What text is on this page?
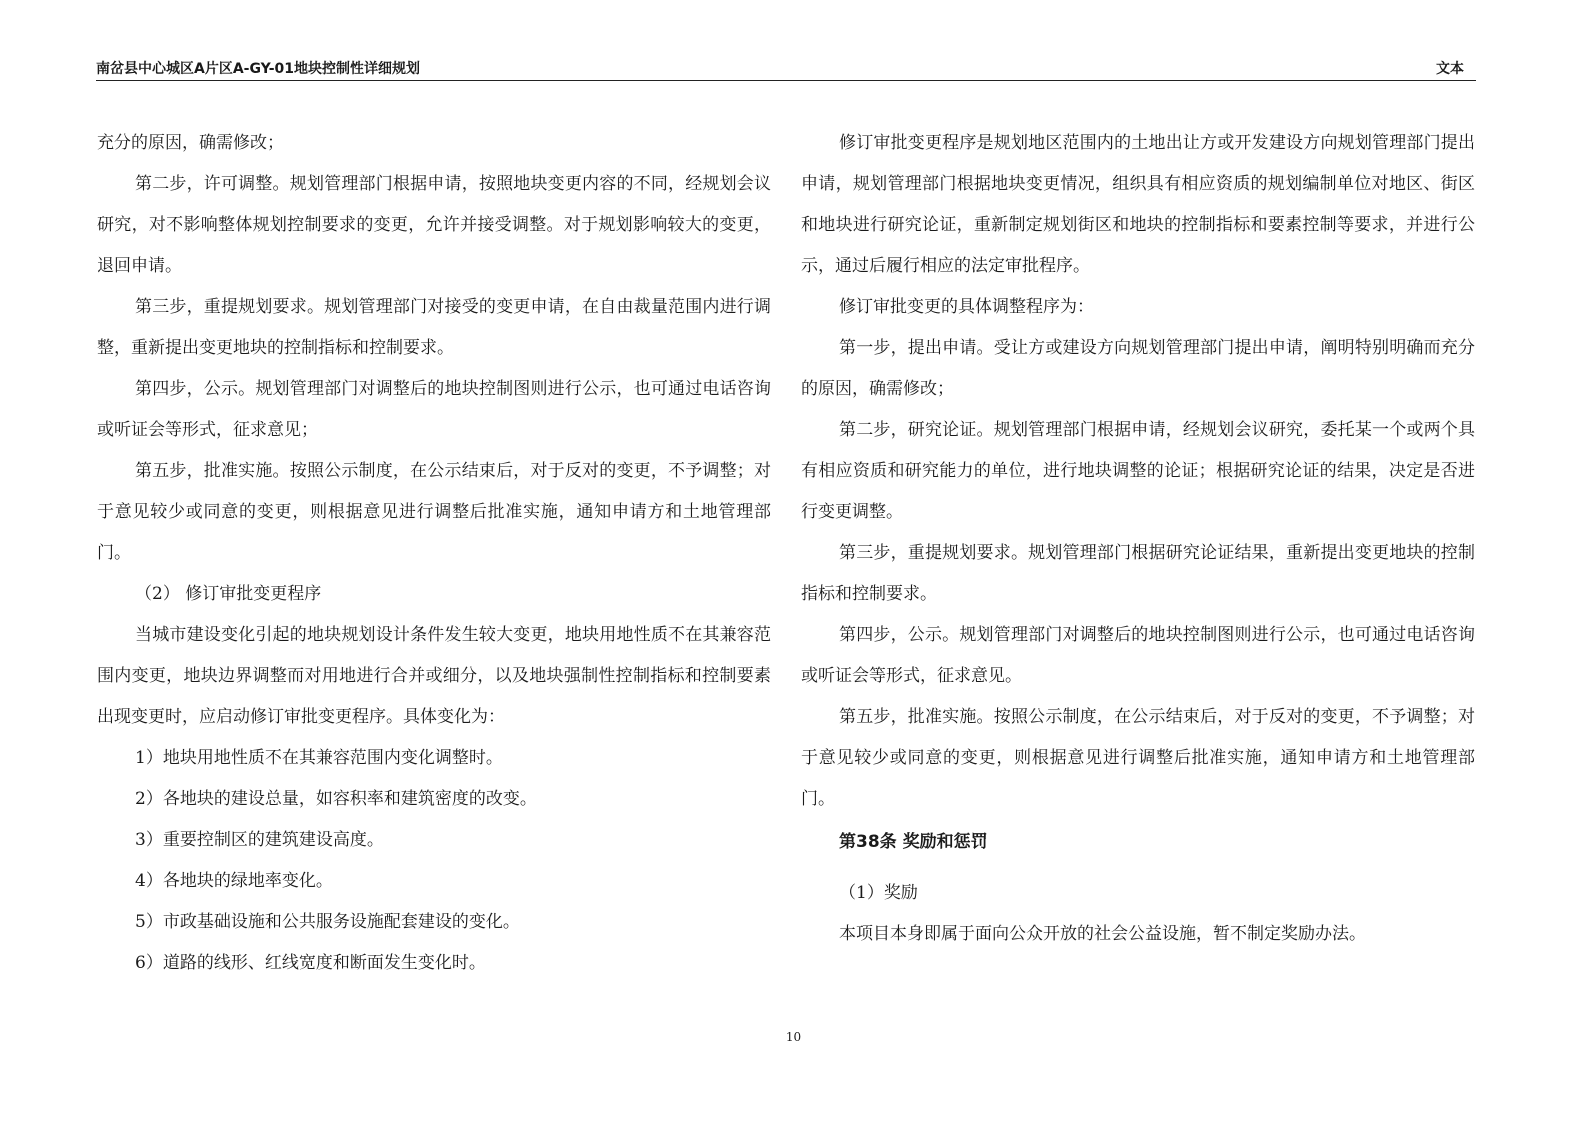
南岔县中心城区A片区A-GY-01地块控制性详细规划	文本

充分的原因，确需修改；

第二步，许可调整。规划管理部门根据申请，按照地块变更内容的不同，经规划会议研究，对不影响整体规划控制要求的变更，允许并接受调整。对于规划影响较大的变更，退回申请。

第三步，重提规划要求。规划管理部门对接受的变更申请，在自由裁量范围内进行调整，重新提出变更地块的控制指标和控制要求。

第四步，公示。规划管理部门对调整后的地块控制图则进行公示，也可通过电话咨询或听证会等形式，征求意见；

第五步，批准实施。按照公示制度，在公示结束后，对于反对的变更，不予调整；对于意见较少或同意的变更，则根据意见进行调整后批准实施，通知申请方和土地管理部门。

（2） 修订审批变更程序

当城市建设变化引起的地块规划设计条件发生较大变更，地块用地性质不在其兼容范围内变更，地块边界调整而对用地进行合并或细分，以及地块强制性控制指标和控制要素出现变更时，应启动修订审批变更程序。具体变化为：

1）地块用地性质不在其兼容范围内变化调整时。

2）各地块的建设总量，如容积率和建筑密度的改变。

3）重要控制区的建筑建设高度。

4）各地块的绿地率变化。

5）市政基础设施和公共服务设施配套建设的变化。

6）道路的线形、红线宽度和断面发生变化时。

修订审批变更程序是规划地区范围内的土地出让方或开发建设方向规划管理部门提出申请，规划管理部门根据地块变更情况，组织具有相应资质的规划编制单位对地区、街区和地块进行研究论证，重新制定规划街区和地块的控制指标和要素控制等要求，并进行公示，通过后履行相应的法定审批程序。

修订审批变更的具体调整程序为：

第一步，提出申请。受让方或建设方向规划管理部门提出申请，阐明特别明确而充分的原因，确需修改；

第二步，研究论证。规划管理部门根据申请，经规划会议研究，委托某一个或两个具有相应资质和研究能力的单位，进行地块调整的论证；根据研究论证的结果，决定是否进行变更调整。

第三步，重提规划要求。规划管理部门根据研究论证结果，重新提出变更地块的控制指标和控制要求。

第四步，公示。规划管理部门对调整后的地块控制图则进行公示，也可通过电话咨询或听证会等形式，征求意见。

第五步，批准实施。按照公示制度，在公示结束后，对于反对的变更，不予调整；对于意见较少或同意的变更，则根据意见进行调整后批准实施，通知申请方和土地管理部门。

第38条 奖励和惩罚

（1）奖励

本项目本身即属于面向公众开放的社会公益设施，暂不制定奖励办法。

10
